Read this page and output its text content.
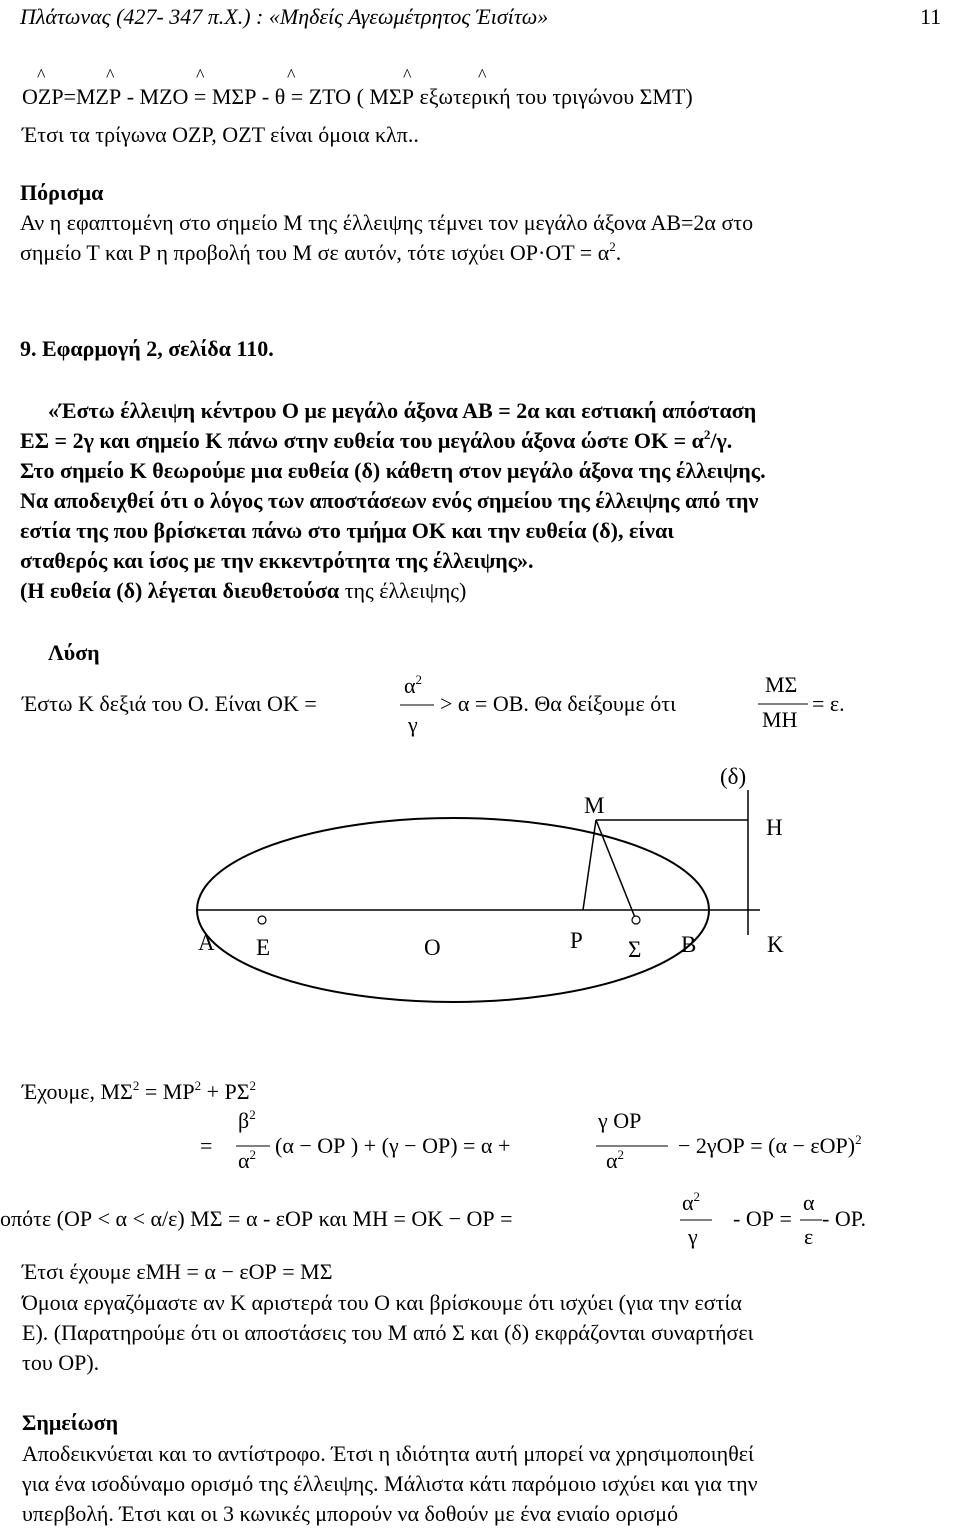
Πλάτωνας (427- 347 π.Χ.) : «Μηδείς Αγεωμέτρητος Έισίτω»	11
^	^	^	^	^	^
ΟΖΡ=ΜΖΡ - ΜΖΟ = ΜΣΡ - θ = ΖΤΟ ( ΜΣΡ εξωτερική του τριγώνου ΣΜΤ)
Έτσι τα τρίγωνα ΟΖΡ, ΟΖΤ είναι όμοια κλπ..
Πόρισμα
Αν η εφαπτομένη στο σημείο Μ της έλλειψης τέμνει τον μεγάλο άξονα ΑΒ=2α στο
σημείο Τ και Ρ η προβολή του Μ σε αυτόν, τότε ισχύει $OP\cdot OT = \alpha^2$.
9. Εφαρμογή 2, σελίδα 110.
«Έστω έλλειψη κέντρου Ο με μεγάλο άξονα ΑΒ = 2α και εστιακή απόσταση
ΕΣ = 2γ και σημείο Κ πάνω στην ευθεία του μεγάλου άξονα ώστε $OK = \alpha^2/\gamma$.
Στο σημείο Κ θεωρούμε μια ευθεία (δ) κάθετη στον μεγάλο άξονα της έλλειψης.
Να αποδειχθεί ότι ο λόγος των αποστάσεων ενός σημείου της έλλειψης από την
εστία της που βρίσκεται πάνω στο τμήμα ΟΚ και την ευθεία (δ), είναι
σταθερός και ίσος με την εκκεντρότητα της έλλειψης».
(Η ευθεία (δ) λέγεται διευθετούσα της έλλειψης)
Λύση
Έστω Κ δεξιά του Ο. Είναι ΟΚ =
$\alpha^2$
γ
> α = ΟΒ. Θα δείξουμε ότι
ΜΣ
ΜΗ
= ε.
Α Ε	Ο	Ρ Σ Β	Κ
Μ
Η
(δ)
Έχουμε, $M\Sigma^2 = MP^2 + P\Sigma^2$
=
$\beta^2$
$\alpha^2$ (α − ΟΡ ) + (γ − ΟΡ) = α +
γ ΟΡ
$\alpha^2 - 2\gamma OP = (\alpha - \varepsilon OP)^2$
οπότε (ΟΡ < α < α/ε) ΜΣ = α - εΟΡ και ΜΗ = ΟΚ − ΟΡ =
$\alpha^2$
γ
- ΟΡ =
α
ε
- ΟΡ.
Έτσι έχουμε εΜΗ = α − εΟΡ = ΜΣ
Όμοια εργαζόμαστε αν Κ αριστερά του Ο και βρίσκουμε ότι ισχύει (για την εστία
Ε). (Παρατηρούμε ότι οι αποστάσεις του Μ από Σ και (δ) εκφράζονται συναρτήσει
του ΟΡ).
Σημείωση
Αποδεικνύεται και το αντίστροφο. Έτσι η ιδιότητα αυτή μπορεί να χρησιμοποιηθεί
για ένα ισοδύναμο ορισμό της έλλειψης. Μάλιστα κάτι παρόμοιο ισχύει και για την
υπερβολή. Έτσι και οι 3 κωνικές μπορούν να δοθούν με ένα ενιαίο ορισμό
